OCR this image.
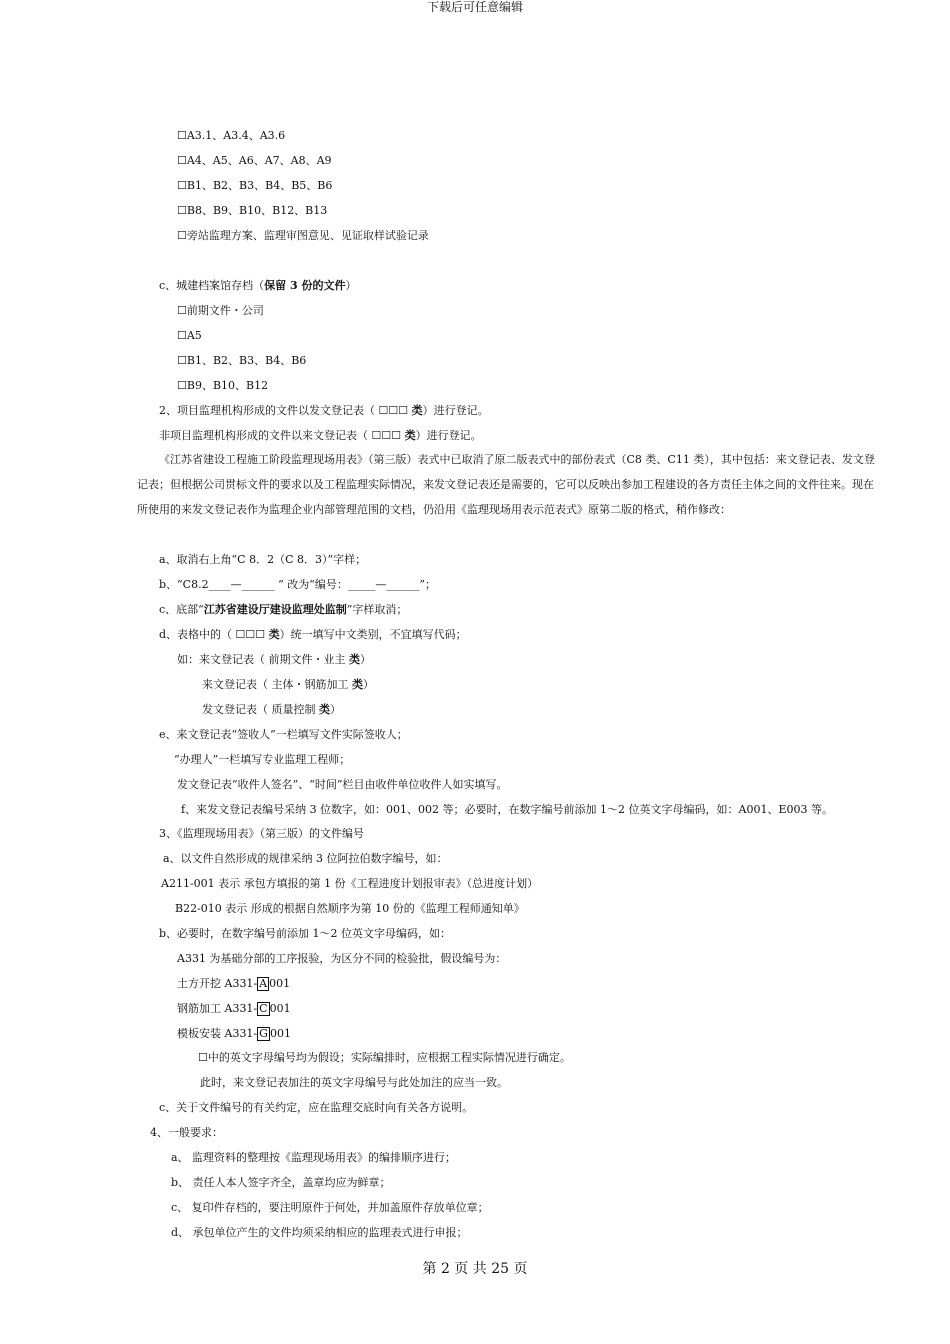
下载后可任意编辑
☐A3.1、A3.4、A3.6
☐A4、A5、A6、A7、A8、A9
☐B1、B2、B3、B4、B5、B6
☐B8、B9、B10、B12、B13
☐旁站监理方案、监理审图意见、见证取样试验记录
c、城建档案馆存档（保留 3 份的文件）
☐前期文件・公司
☐A5
☐B1、B2、B3、B4、B6
☐B9、B10、B12
2、项目监理机构形成的文件以发文登记表（ ☐☐☐ 类）进行登记。
非项目监理机构形成的文件以来文登记表（ ☐☐☐ 类）进行登记。
《江苏省建设工程施工阶段监理现场用表》（第三版）表式中已取消了原二版表式中的部份表式（C8 类、C11 类），其中包括：来文登记表、发文登记表；但根据公司贯标文件的要求以及工程监理实际情况，来发文登记表还是需要的，它可以反映出参加工程建设的各方责任主体之间的文件往来。现在所使用的来发文登记表作为监理企业内部管理范围的文档，仍沿用《监理现场用表示范表式》原第二版的格式，稍作修改：
a、取消右上角“C 8．2（C 8．3）”字样；
b、“C8.2____—______ ” 改为“编号：_____—______”；
c、底部“江苏省建设厅建设监理处监制”字样取消；
d、表格中的（ ☐☐☐ 类）统一填写中文类别，不宜填写代码；
如：来文登记表（ 前期文件・业主 类）
来文登记表（ 主体・钢筋加工 类）
发文登记表（ 质量控制 类）
e、来文登记表“签收人”一栏填写文件实际签收人；
“办理人”一栏填写专业监理工程师；
发文登记表“收件人签名”、“时间”栏目由收件单位收件人如实填写。
f、来发文登记表编号采纳 3 位数字，如：001、002 等；必要时，在数字编号前添加 1～2 位英文字母编码，如：A001、E003 等。
3、《监理现场用表》（第三版）的文件编号
a、以文件自然形成的规律采纳 3 位阿拉伯数字编号，如：
A211-001 表示 承包方填报的第 1 份《工程进度计划报审表》（总进度计划）
B22-010 表示 形成的根据自然顺序为第 10 份的《监理工程师通知单》
b、必要时，在数字编号前添加 1～2 位英文字母编码，如：
A331 为基础分部的工序报验，为区分不同的检验批，假设编号为：
土方开挖 A331- A 001
钢筋加工 A331- C 001
模板安装 A331- G 001
☐中的英文字母编号均为假设；实际编排时，应根据工程实际情况进行确定。
此时，来文登记表加注的英文字母编号与此处加注的应当一致。
c、关于文件编号的有关约定，应在监理交底时向有关各方说明。
4、一般要求：
a、 监理资料的整理按《监理现场用表》的编排顺序进行；
b、 责任人本人签字齐全，盖章均应为鲜章；
c、 复印件存档的，要注明原件于何处，并加盖原件存放单位章；
d、 承包单位产生的文件均须采纳相应的监理表式进行申报；
第 2 页 共 25 页
